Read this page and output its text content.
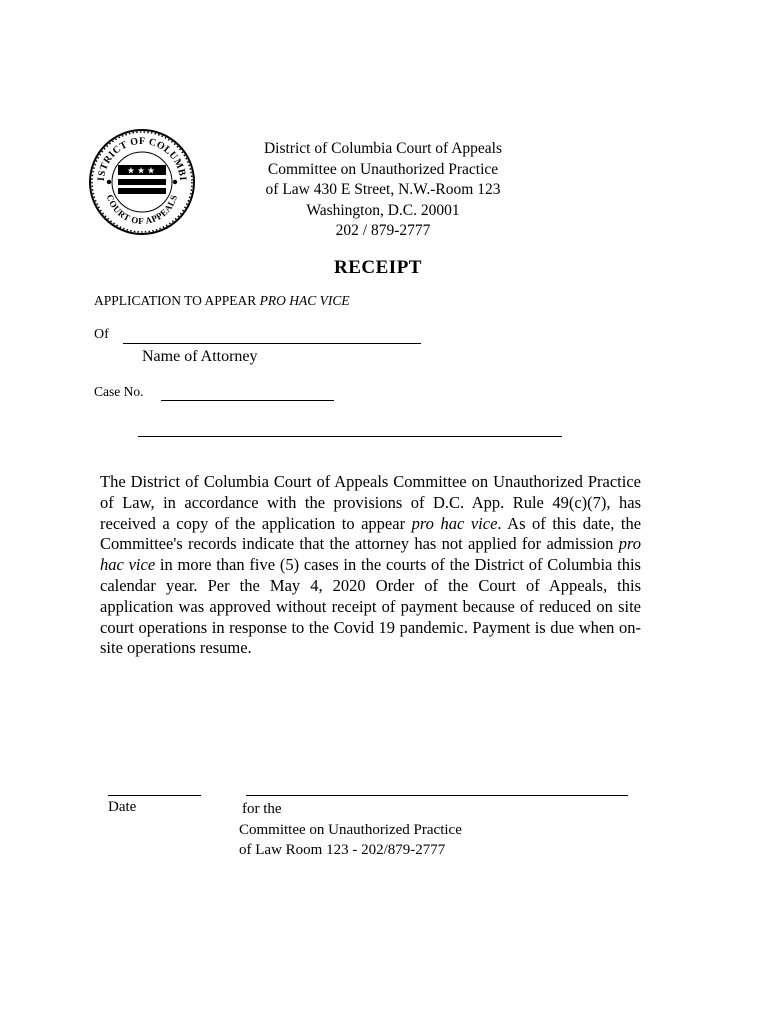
ISTRICT OF COLUMBI
COURT OF APPEALS
★★★
District of Columbia Court of Appeals
Committee on Unauthorized Practice
of Law 430 E Street, N.W.-Room 123
Washington, D.C. 20001
202 / 879-2777
RECEIPT
APPLICATION TO APPEAR PRO HAC VICE
Of
Name of Attorney
Case No.
The District of Columbia Court of Appeals Committee on Unauthorized Practice of Law, in accordance with the provisions of D.C. App. Rule 49(c)(7), has received a copy of the application to appear pro hac vice. As of this date, the Committee's records indicate that the attorney has not applied for admission pro hac vice in more than five (5) cases in the courts of the District of Columbia this calendar year. Per the May 4, 2020 Order of the Court of Appeals, this application was approved without receipt of payment because of reduced on site court operations in response to the Covid 19 pandemic. Payment is due when on-site operations resume.
Date	for the
Committee on Unauthorized Practice
of Law Room 123 - 202/879-2777
